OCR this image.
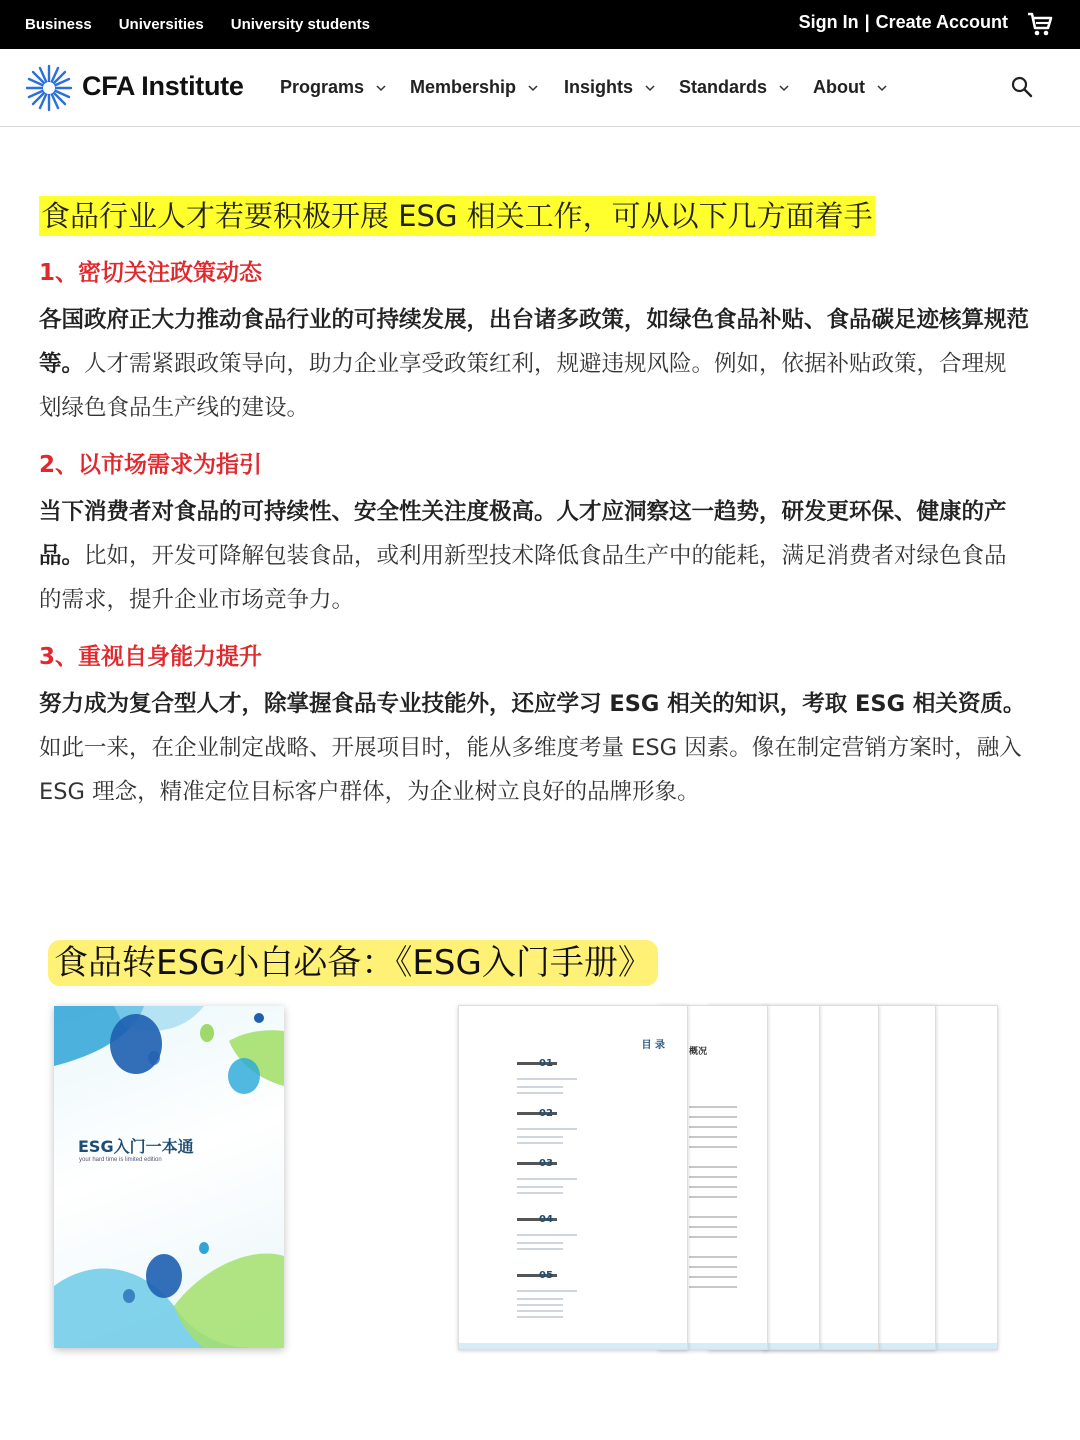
Business Universities University students	Sign In | Create Account
CFA Institute Programs	Membership	Insights	Standards	About
食品行业人才若要积极开展 ESG 相关工作，可从以下几方面着手
1、密切关注政策动态
各国政府正大力推动食品行业的可持续发展，出台诸多政策，如绿色食品补贴、食品碳足迹核算规范等。人才需紧跟政策导向，助力企业享受政策红利，规避违规风险。例如，依据补贴政策，合理规划绿色食品生产线的建设。
2、以市场需求为指引
当下消费者对食品的可持续性、安全性关注度极高。人才应洞察这一趋势，研发更环保、健康的产品。比如，开发可降解包装食品，或利用新型技术降低食品生产中的能耗，满足消费者对绿色食品的需求，提升企业市场竞争力。
3、重视自身能力提升
努力成为复合型人才，除掌握食品专业技能外，还应学习 ESG 相关的知识，考取 ESG 相关资质。如此一来，在企业制定战略、开展项目时，能从多维度考量 ESG 因素。像在制定营销方案时，融入 ESG 理念，精准定位目标客户群体，为企业树立良好的品牌形象。
食品转ESG小白必备：《ESG入门手册》
ESG入门一本通
your hard time is limited edition
概况
目 录
01
02
03
04
05
